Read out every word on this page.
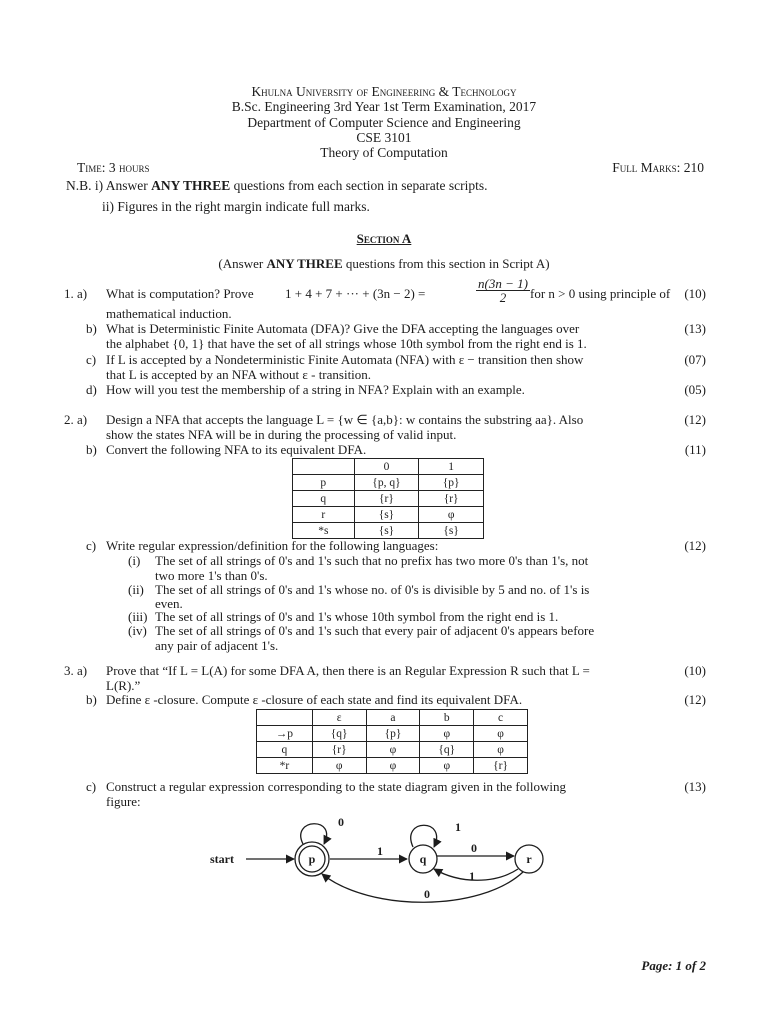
Khulna University of Engineering & Technology
B.Sc. Engineering 3rd Year 1st Term Examination, 2017
Department of Computer Science and Engineering
CSE 3101
Theory of Computation
Time: 3 hours	Full Marks: 210
N.B. i) Answer ANY THREE questions from each section in separate scripts.
ii) Figures in the right margin indicate full marks.
Section A
(Answer ANY THREE questions from this section in Script A)
1. a) What is computation? Prove 1 + 4 + 7 + ··· + (3n − 2) =	$\frac{n(3n - 1)}{2}$ for n > 0 using principle of (10)
mathematical induction.
b) What is Deterministic Finite Automata (DFA)? Give the DFA accepting the languages over	(13)
the alphabet {0, 1} that have the set of all strings whose 10th symbol from the right end is 1.
c) If L is accepted by a Nondeterministic Finite Automata (NFA) with ε − transition then show	(07)
that L is accepted by an NFA without ε - transition.
d) How will you test the membership of a string in NFA? Explain with an example.	(05)
2. a) Design a NFA that accepts the language L = {w ∈ {a,b}: w contains the substring aa}. Also	(12)
show the states NFA will be in during the processing of valid input.
b) Convert the following NFA to its equivalent DFA.	(11)
	0	1
p	{p, q}	{p}
q	{r}	{r}
r	{s}	φ
*s	{s}	{s}
c) Write regular expression/definition for the following languages:	(12)
(i) The set of all strings of 0's and 1's such that no prefix has two more 0's than 1's, not
two more 1's than 0's.
(ii) The set of all strings of 0's and 1's whose no. of 0's is divisible by 5 and no. of 1's is
even.
(iii) The set of all strings of 0's and 1's whose 10th symbol from the right end is 1.
(iv) The set of all strings of 0's and 1's such that every pair of adjacent 0's appears before
any pair of adjacent 1's.
3. a) Prove that “If L = L(A) for some DFA A, then there is an Regular Expression R such that L =	(10)
L(R).”
b) Define ε -closure. Compute ε -closure of each state and find its equivalent DFA.	(12)
	ε	a	b	c
→p	{q}	{p}	φ	φ
q	{r}	φ	{q}	φ
*r	φ	φ	φ	{r}
c) Construct a regular expression corresponding to the state diagram given in the following	(13)
figure:
start	p	q	r
0
1
1
0
1
0
Page: 1 of 2
